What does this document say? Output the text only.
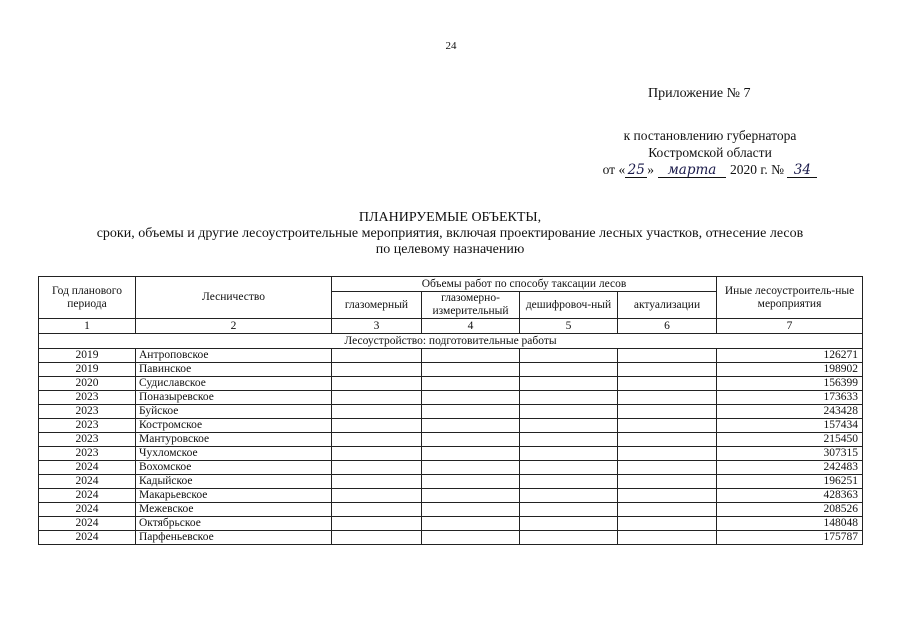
24
Приложение № 7
к постановлению губернатора
Костромской области
от « 25 » марта 2020 г. № 34
ПЛАНИРУЕМЫЕ ОБЪЕКТЫ,
сроки, объемы и другие лесоустроительные мероприятия, включая проектирование лесных участков, отнесение лесов
по целевому назначению
Год планового периода	Лесничество	Объемы работ по способу таксации лесов				Иные лесоустроитель-ные мероприятия
		глазомерный	глазомерно-измерительный	дешифровоч-ный	актуализации	
1	2	3	4	5	6	7
Лесоустройство: подготовительные работы						
2019	Антроповское					126271
2019	Павинское					198902
2020	Судиславское					156399
2023	Поназыревское					173633
2023	Буйское					243428
2023	Костромское					157434
2023	Мантуровское					215450
2023	Чухломское					307315
2024	Вохомское					242483
2024	Кадыйское					196251
2024	Макарьевское					428363
2024	Межевское					208526
2024	Октябрьское					148048
2024	Парфеньевское					175787
